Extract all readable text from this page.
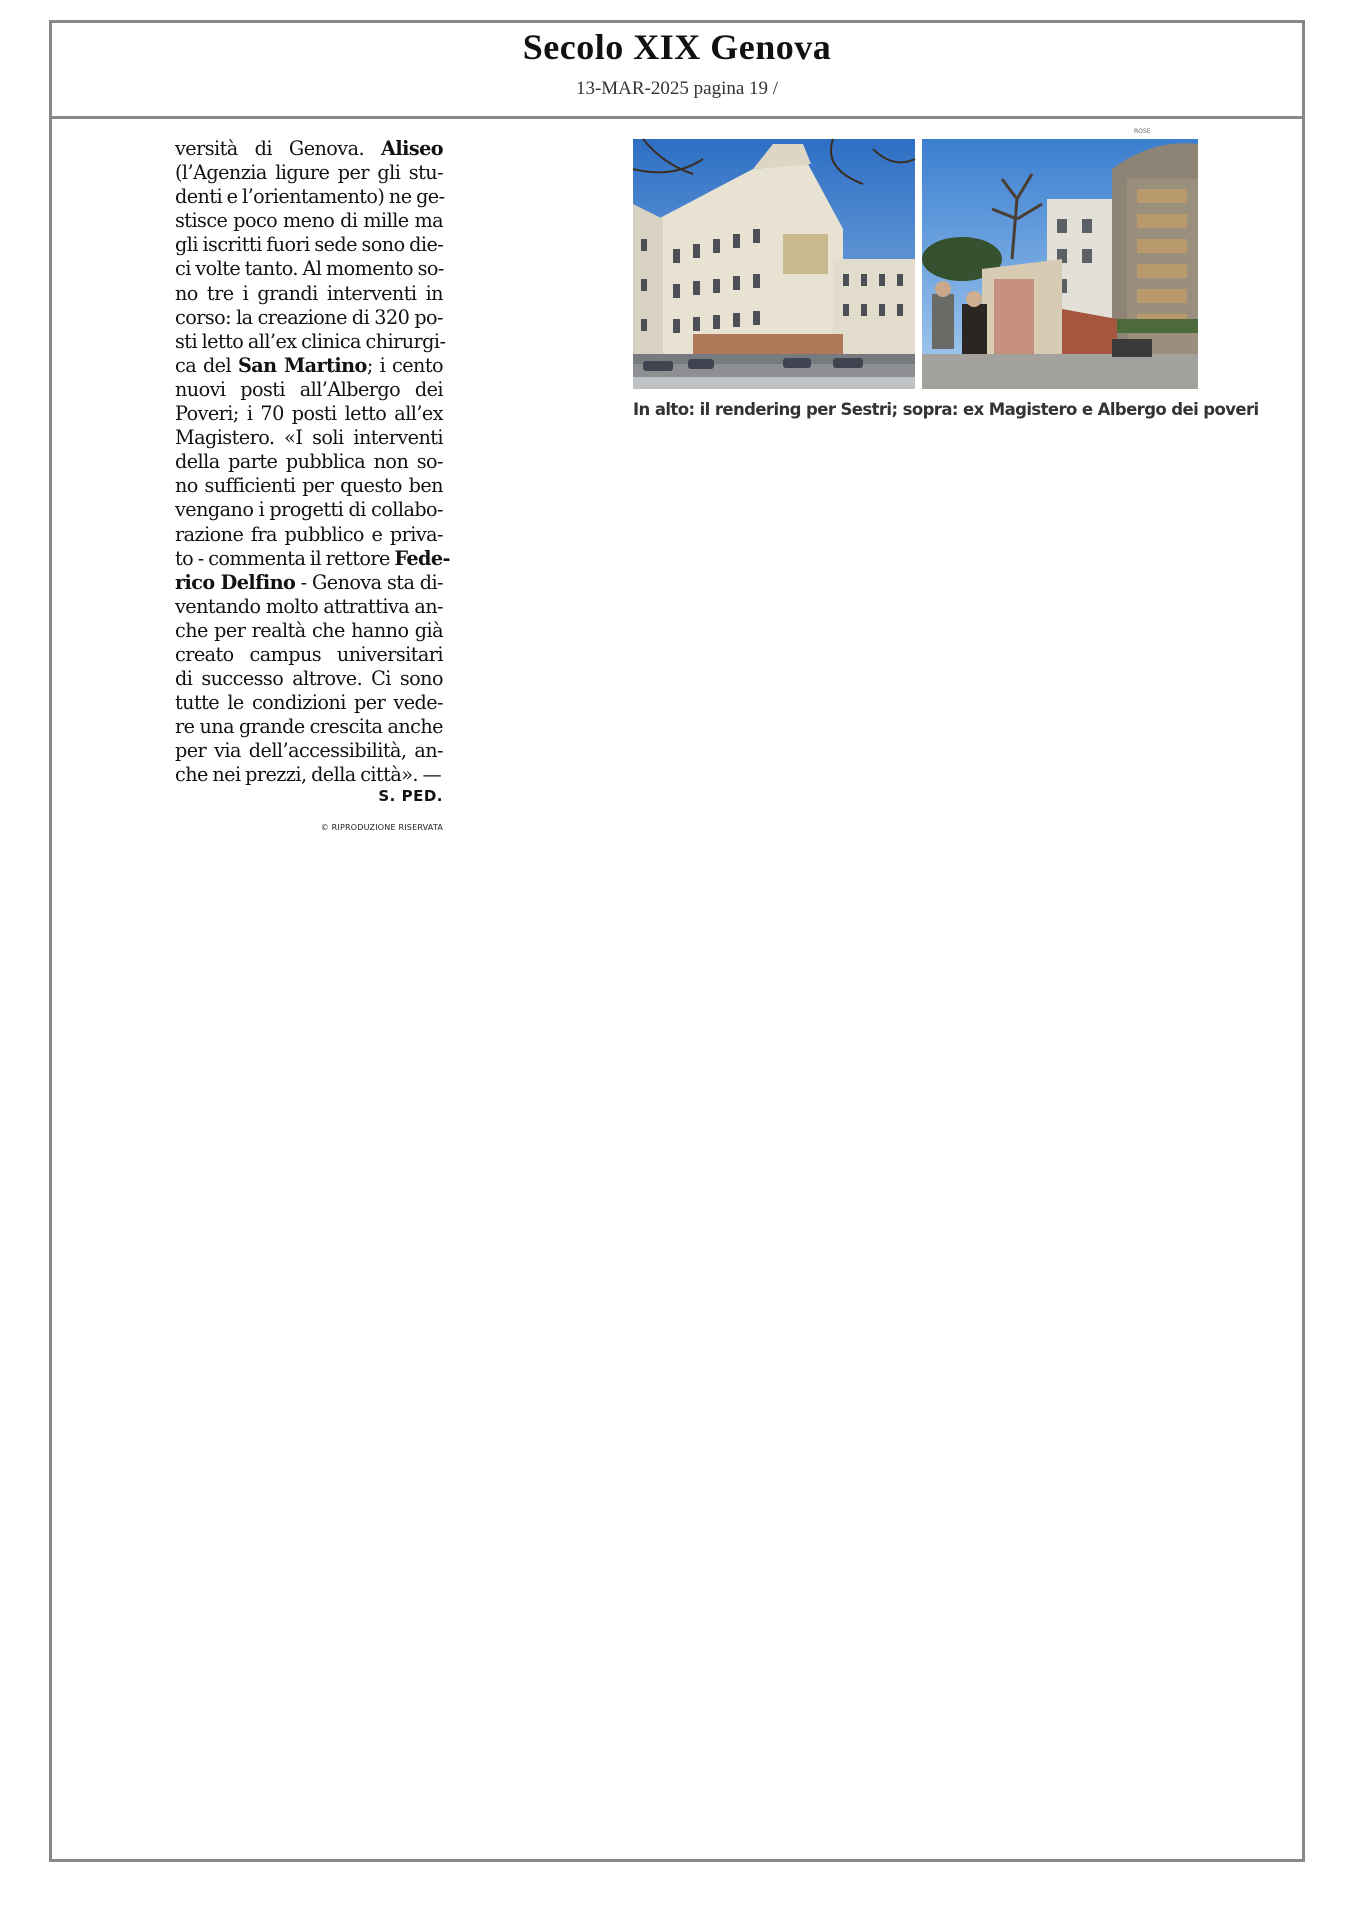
Secolo XIX Genova
13-MAR-2025 pagina 19 /
versità di Genova. Aliseo
(l’Agenzia ligure per gli stu-
denti e l’orientamento) ne ge-
stisce poco meno di mille ma
gli iscritti fuori sede sono die-
ci volte tanto. Al momento so-
no tre i grandi interventi in
corso: la creazione di 320 po-
sti letto all’ex clinica chirurgi-
ca del San Martino; i cento
nuovi posti all’Albergo dei
Poveri; i 70 posti letto all’ex
Magistero. «I soli interventi
della parte pubblica non so-
no sufficienti per questo ben
vengano i progetti di collabo-
razione fra pubblico e priva-
to - commenta il rettore Fede-
rico Delfino - Genova sta di-
ventando molto attrattiva an-
che per realtà che hanno già
creato campus universitari
di successo altrove. Ci sono
tutte le condizioni per vede-
re una grande crescita anche
per via dell’accessibilità, an-
che nei prezzi, della città». —
S. PED.
© RIPRODUZIONE RISERVATA
ROSE
In alto: il rendering per Sestri; sopra: ex Magistero e Albergo dei poveri
